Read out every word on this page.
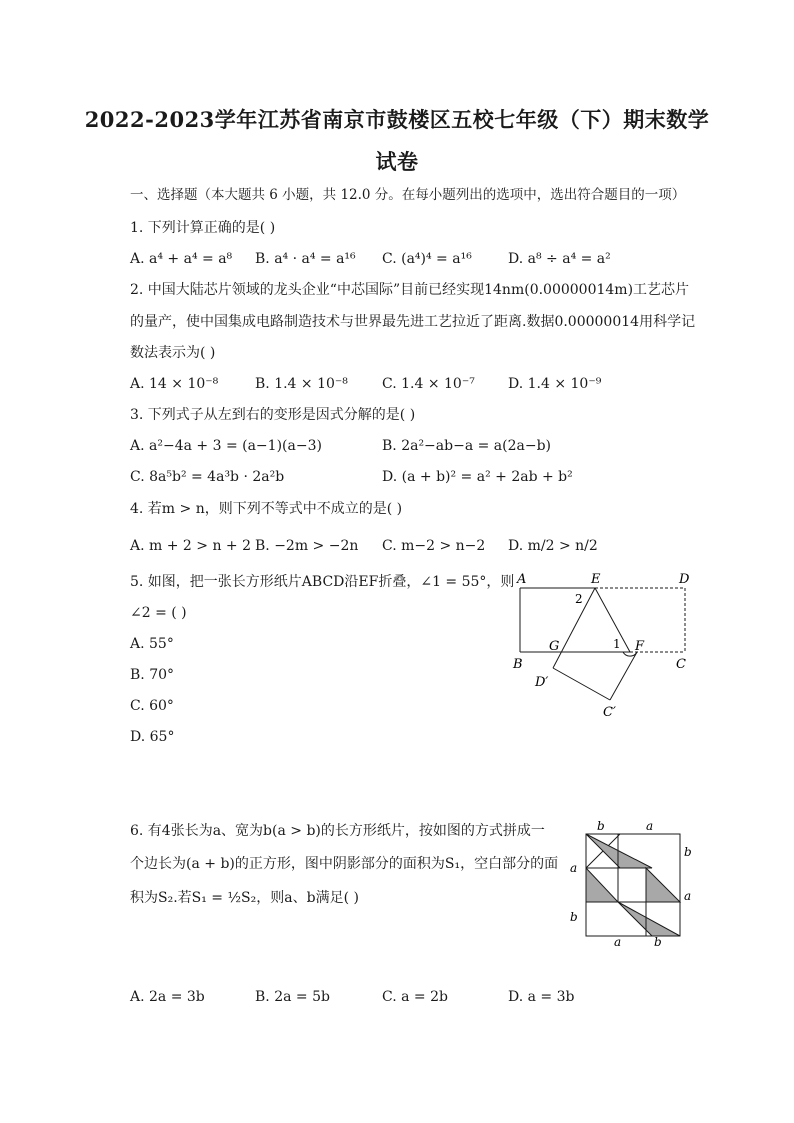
2022-2023学年江苏省南京市鼓楼区五校七年级（下）期末数学
试卷
一、选择题（本大题共 6 小题，共 12.0 分。在每小题列出的选项中，选出符合题目的一项）
1. 下列计算正确的是( )
A. a⁴ + a⁴ = a⁸ B. a⁴ · a⁴ = a¹⁶ C. (a⁴)⁴ = a¹⁶	D. a⁸ ÷ a⁴ = a²
2. 中国大陆芯片领域的龙头企业“中芯国际”目前已经实现14nm(0.00000014m)工艺芯片
的量产，使中国集成电路制造技术与世界最先进工艺拉近了距离.数据0.00000014用科学记
数法表示为( )
A. 14 × 10⁻⁸	B. 1.4 × 10⁻⁸ C. 1.4 × 10⁻⁷ D. 1.4 × 10⁻⁹
3. 下列式子从左到右的变形是因式分解的是( )
A. a²−4a + 3 = (a−1)(a−3)	B. 2a²−ab−a = a(2a−b)
C. 8a⁵b² = 4a³b · 2a²b	D. (a + b)² = a² + 2ab + b²
4. 若m > n，则下列不等式中不成立的是( )
A. m + 2 > n + 2 B. −2m > −2n C. m−2 > n−2 D. m/2 > n/2
5. 如图，把一张长方形纸片ABCD沿EF折叠，∠1 = 55°，则
∠2 = ( )
A. 55°
B. 70°
C. 60°
D. 65°
A	E	D
2
G	1 F
B	C
D′
C′
6. 有4张长为a、宽为b(a > b)的长方形纸片，按如图的方式拼成一
个边长为(a + b)的正方形，图中阴影部分的面积为S₁，空白部分的面
积为S₂.若S₁ = ½S₂，则a、b满足( )
b	a
a
b
b
a
a	b
A. 2a = 3b	B. 2a = 5b	C. a = 2b	D. a = 3b
